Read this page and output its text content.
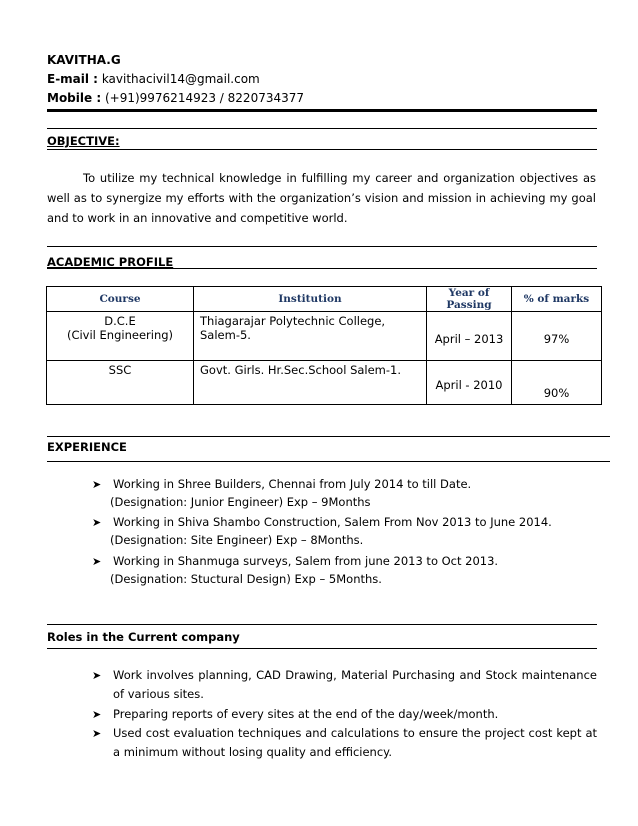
KAVITHA.G
E-mail : kavithacivil14@gmail.com
Mobile : (+91)9976214923 / 8220734377
OBJECTIVE:
To utilize my technical knowledge in fulfilling my career and organization objectives as well as to synergize my efforts with the organization’s vision and mission in achieving my goal and to work in an innovative and competitive world.
ACADEMIC PROFILE
Course	Institution	Year of Passing	% of marks

D.C.E
(Civil Engineering)	Thiagarajar Polytechnic College, Salem-5.	April – 2013	97%

SSC	Govt. Girls. Hr.Sec.School Salem-1.	April - 2010	90%
EXPERIENCE
➤ Working in Shree Builders, Chennai from July 2014 to till Date.
(Designation: Junior Engineer) Exp – 9Months
➤ Working in Shiva Shambo Construction, Salem From Nov 2013 to June 2014.
(Designation: Site Engineer) Exp – 8Months.
➤ Working in Shanmuga surveys, Salem from june 2013 to Oct 2013.
(Designation: Stuctural Design) Exp – 5Months.
Roles in the Current company
➤ Work involves planning, CAD Drawing, Material Purchasing and Stock maintenance of various sites.
➤ Preparing reports of every sites at the end of the day/week/month.
➤ Used cost evaluation techniques and calculations to ensure the project cost kept at a minimum without losing quality and efficiency.
